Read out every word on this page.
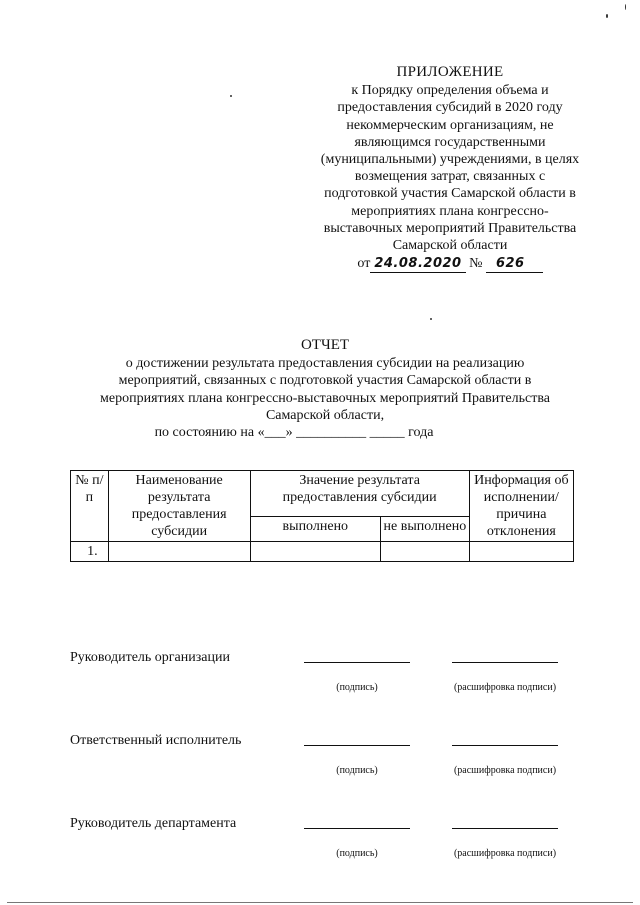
ПРИЛОЖЕНИЕ
к Порядку определения объема и
предоставления субсидий в 2020 году
некоммерческим организациям, не
являющимся государственными
(муниципальными) учреждениями, в целях
возмещения затрат, связанных с
подготовкой участия Самарской области в
мероприятиях плана конгрессно-
выставочных мероприятий Правительства
Самарской области
от 24.08.2020 № 626
ОТЧЕТ
о достижении результата предоставления субсидии на реализацию
мероприятий, связанных с подготовкой участия Самарской области в
мероприятиях плана конгрессно-выставочных мероприятий Правительства
Самарской области,
по состоянию на «___» __________ _____ года
№ п/п	Наименование результата предоставления субсидии	Значение результата предоставления субсидии		Информация об исполнении/ причина отклонения
		выполнено	не выполнено	
1.				
Руководитель организации
(подпись)	(расшифровка подписи)
Ответственный исполнитель
(подпись)	(расшифровка подписи)
Руководитель департамента
(подпись)	(расшифровка подписи)
